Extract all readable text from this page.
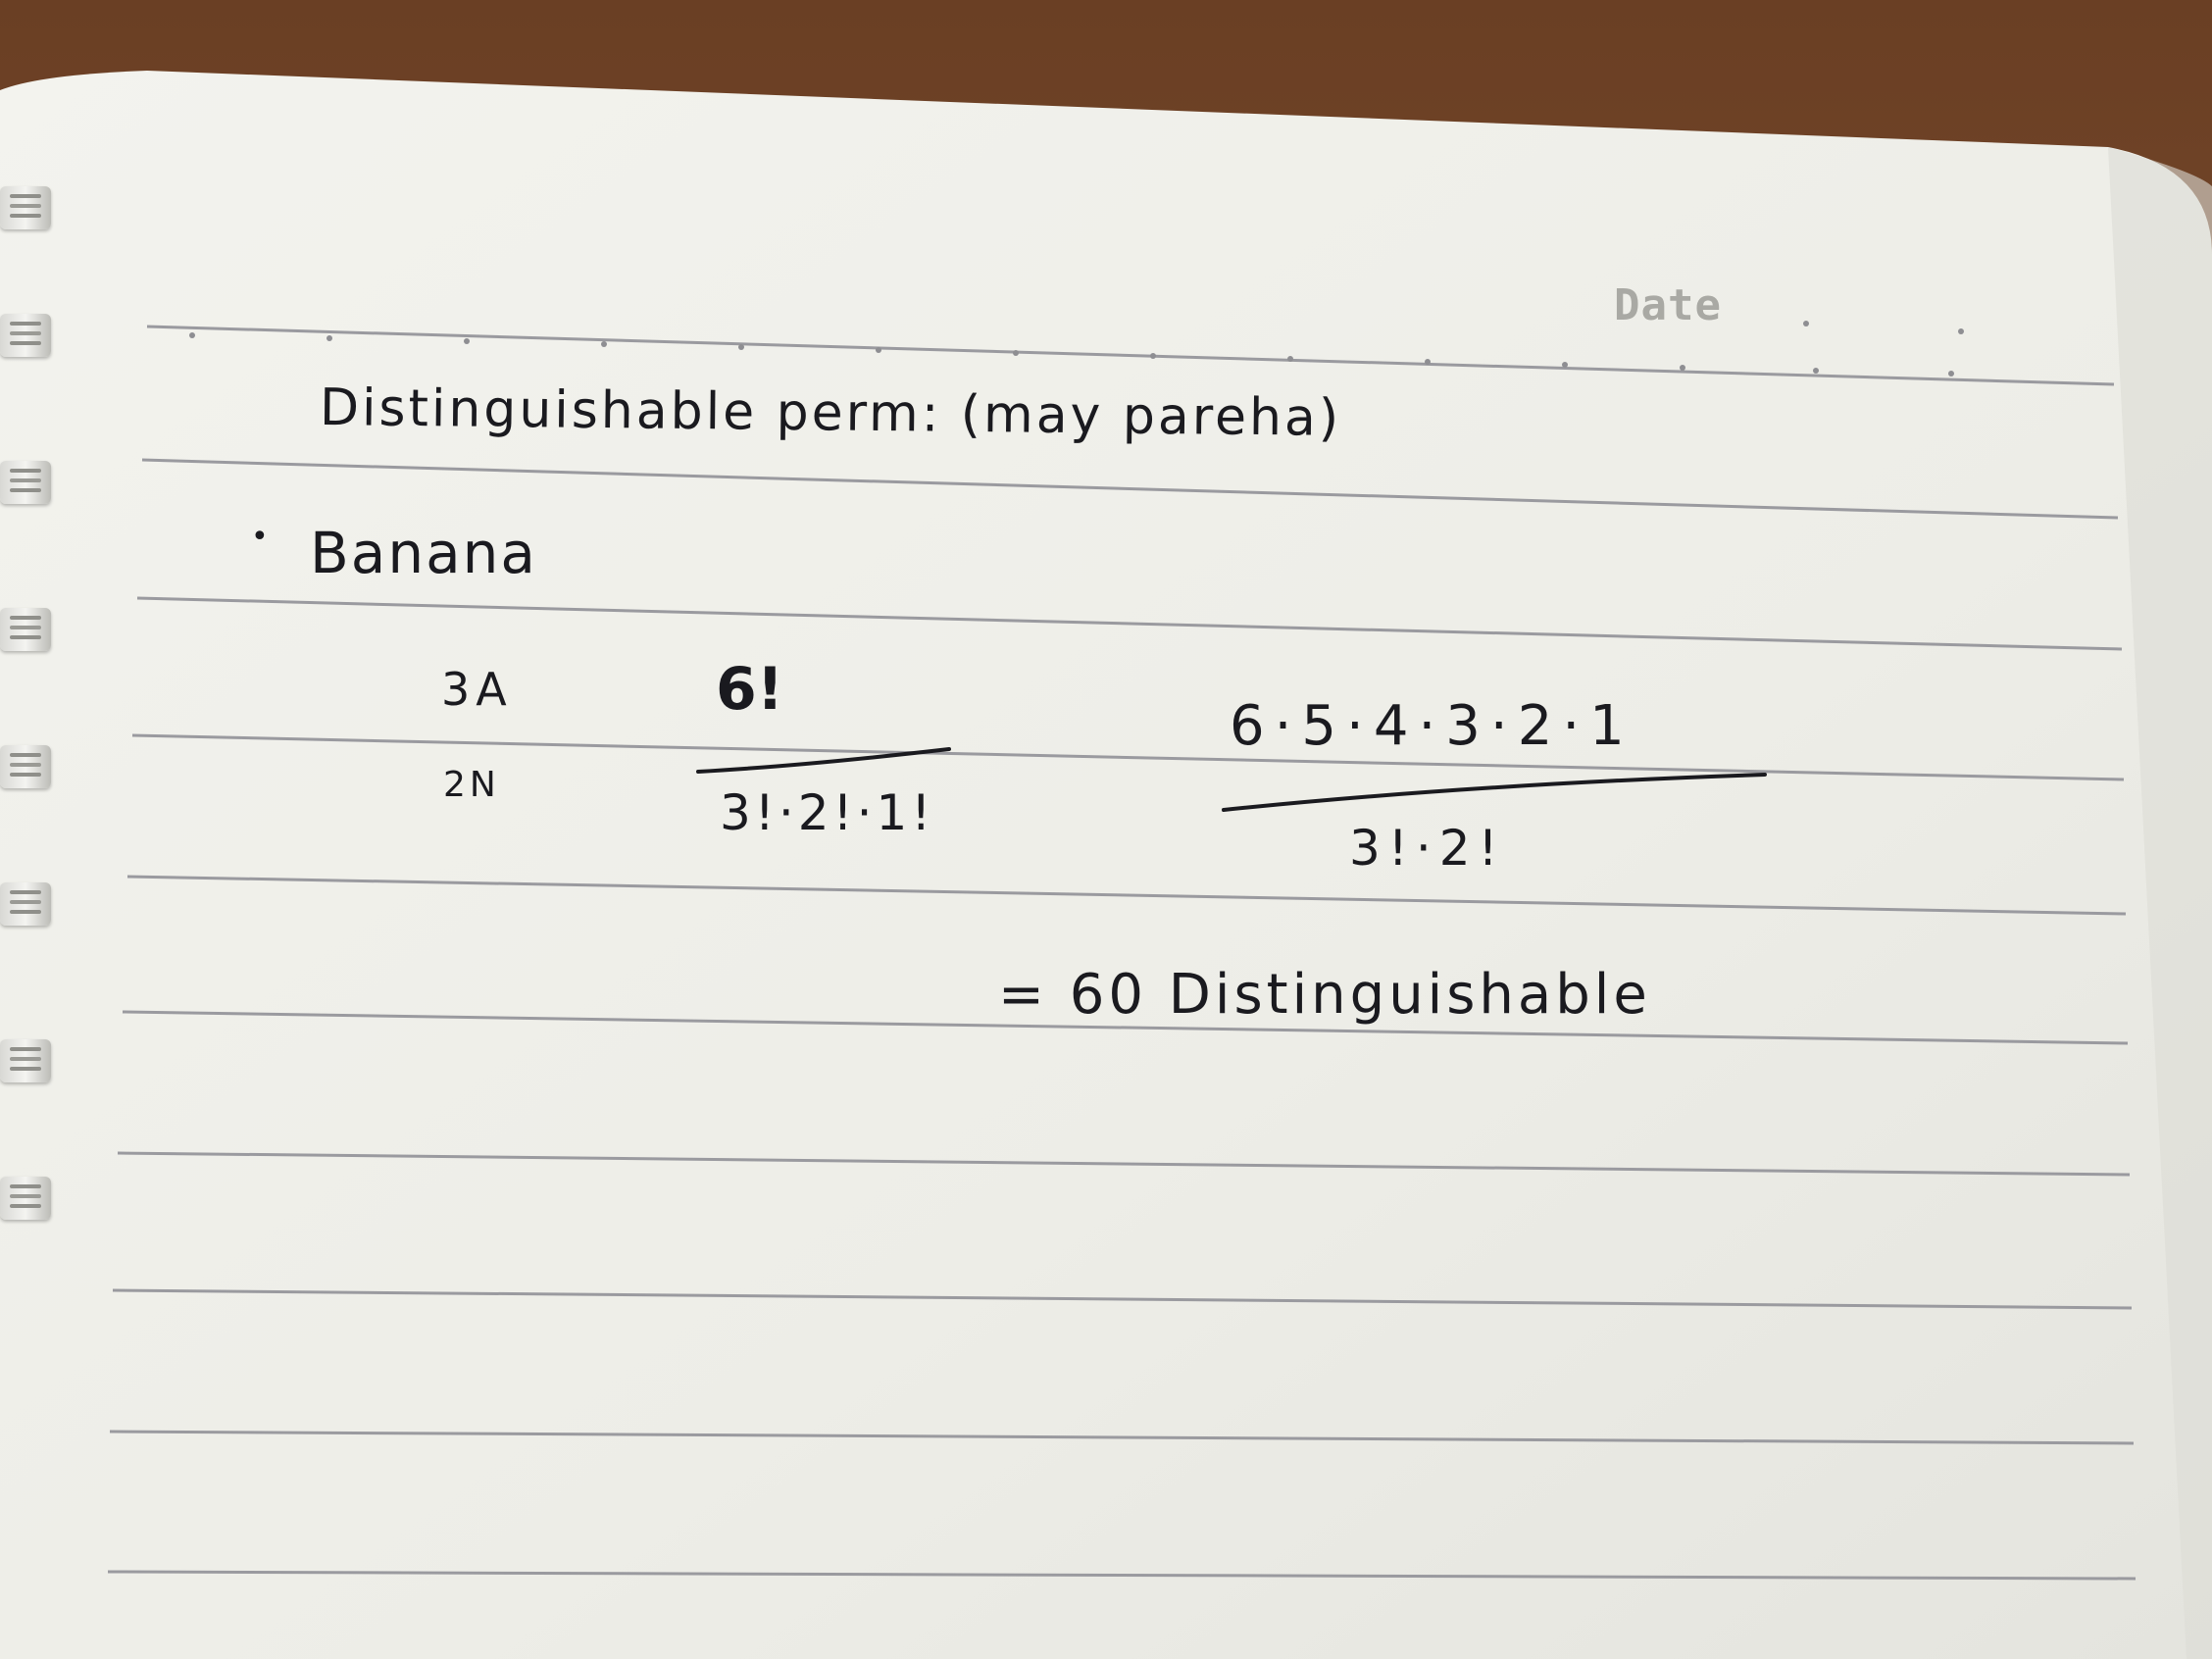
Date
Distinguishable perm: (may pareha)
• Banana
3A
2N
6!
3!·2!·1!
6·5·4·3·2·1
3!·2!
= 60 Distinguishable
